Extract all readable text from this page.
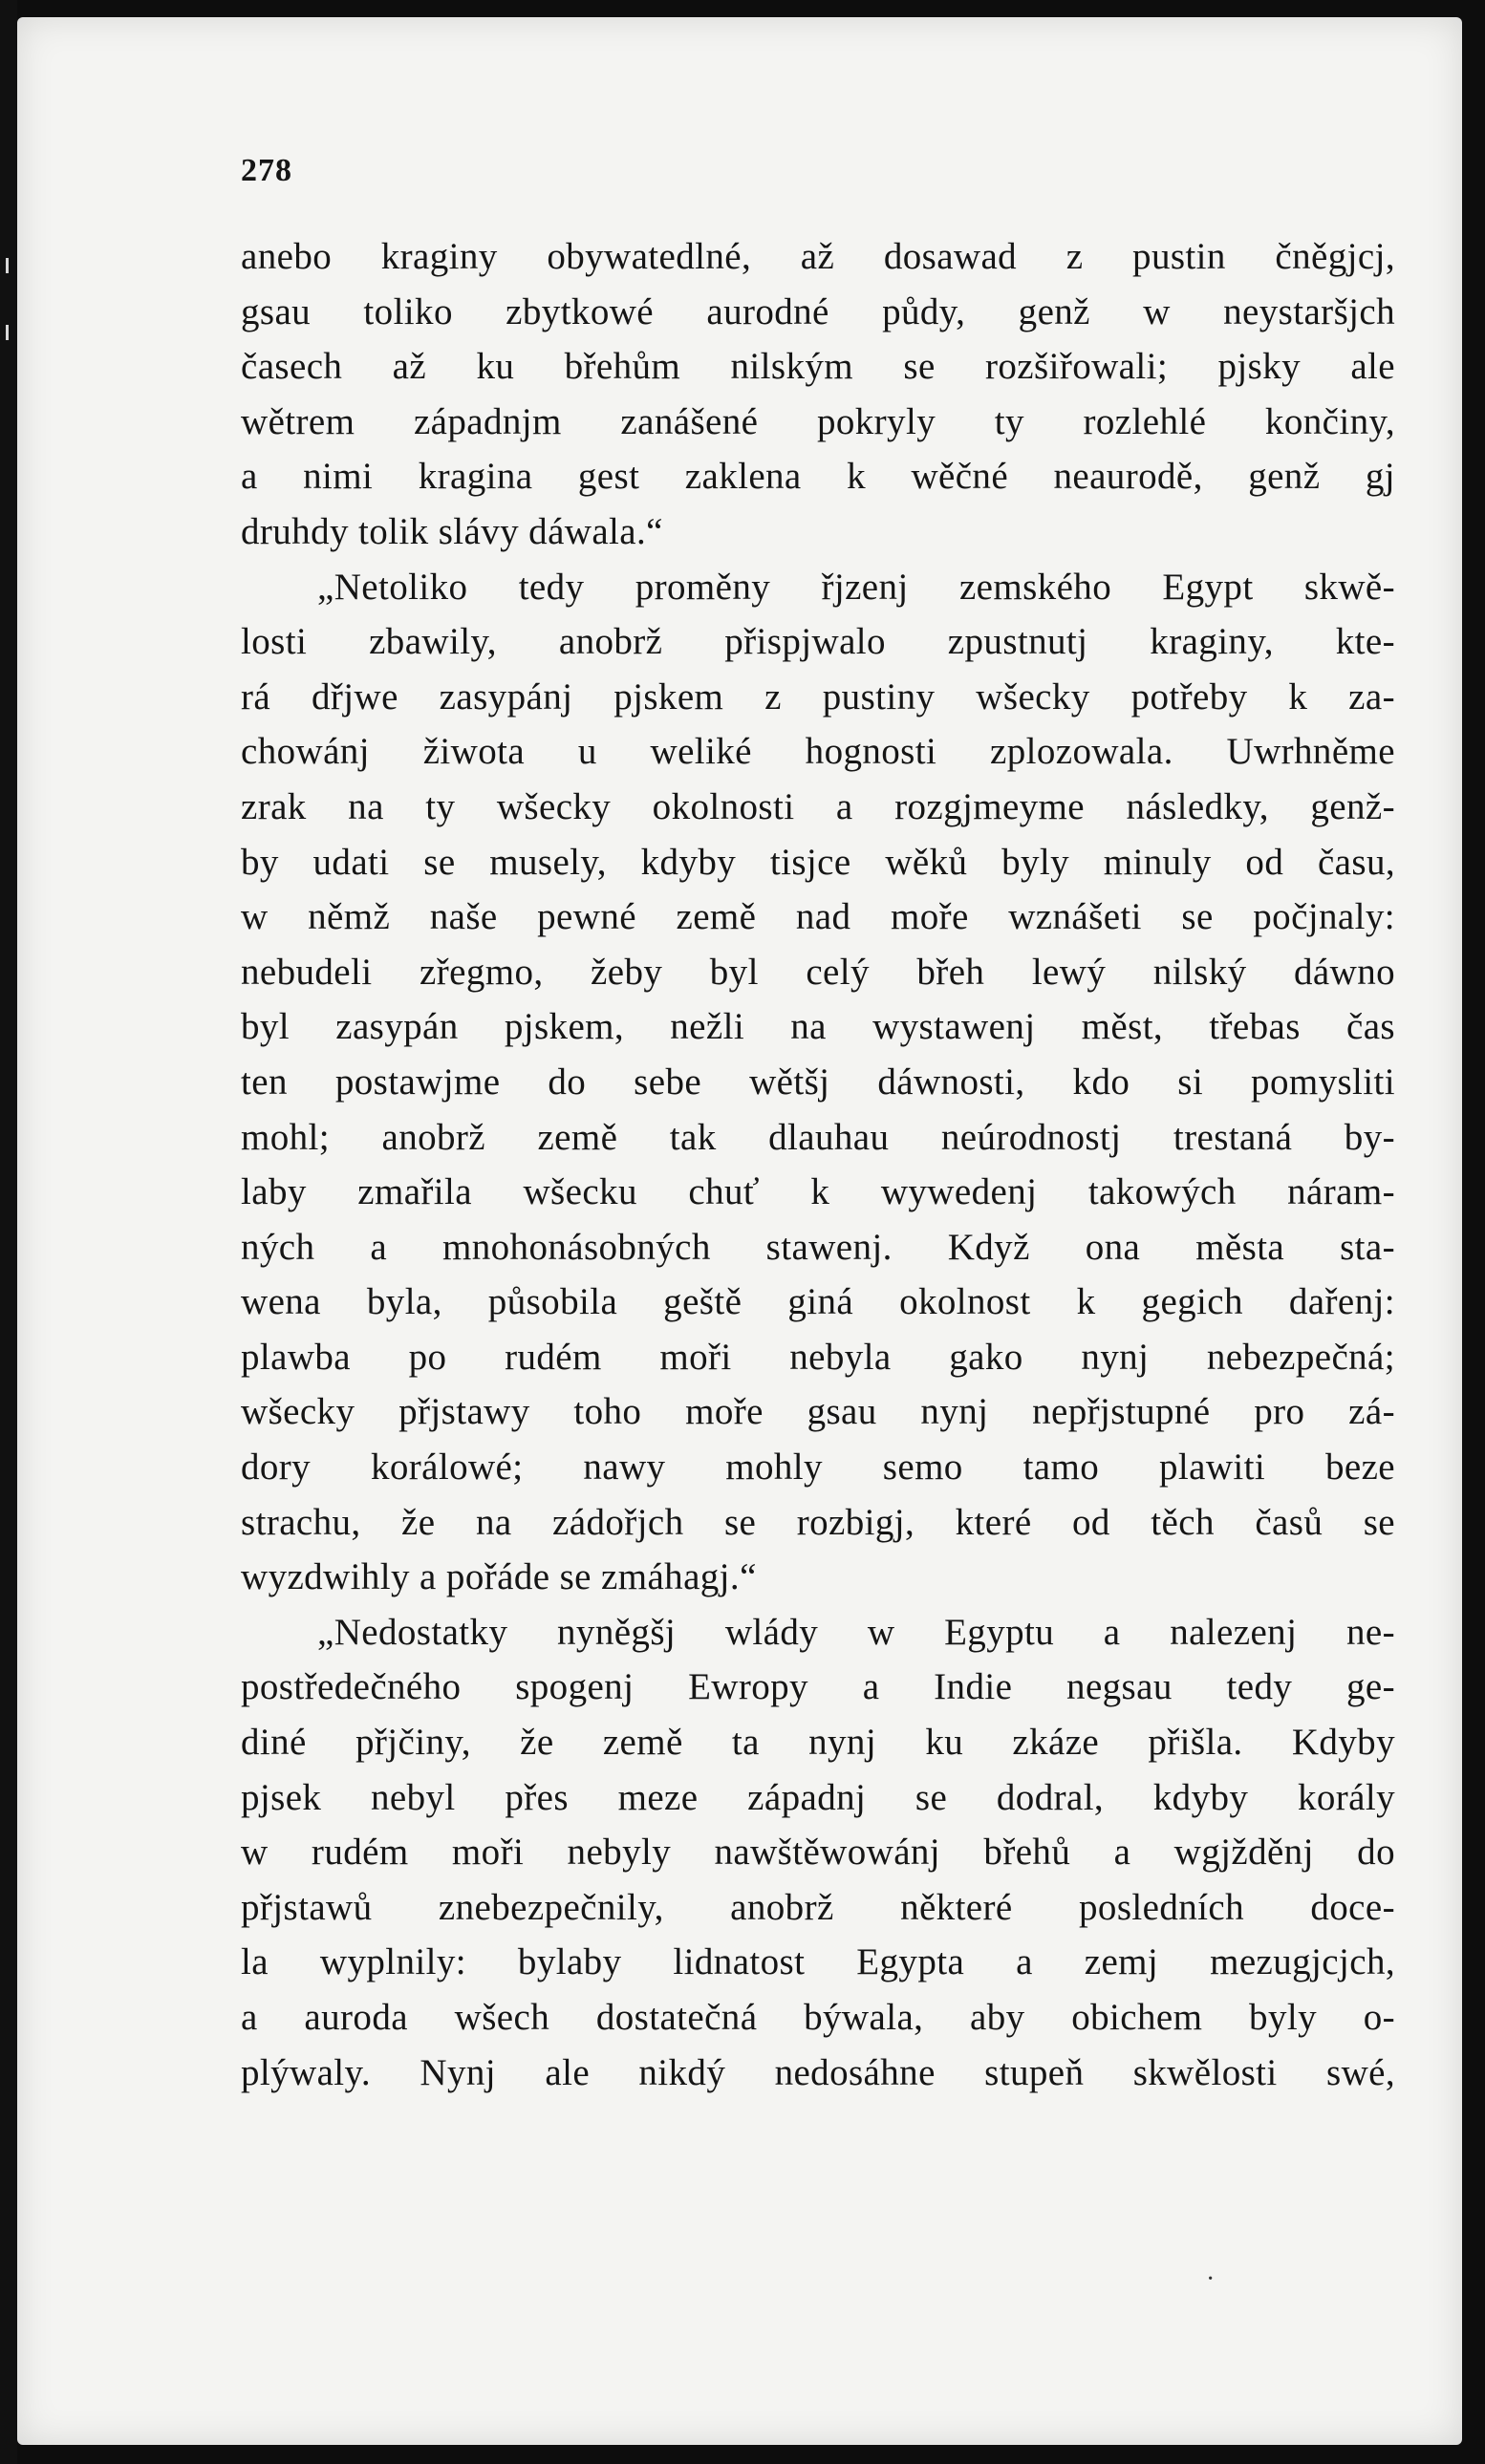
278
anebo kraginy obywatedlné, až dosawad z pustin čněgjcj,
gsau toliko zbytkowé aurodné půdy, genž w neystaršjch
časech až ku břehům nilským se rozšiřowali; pjsky ale
wětrem západnjm zanášené pokryly ty rozlehlé končiny,
a nimi kragina gest zaklena k wěčné neaurodě, genž gj
druhdy tolik slávy dáwala.“
„Netoliko tedy proměny řjzenj zemského Egypt skwě-
losti zbawily, anobrž přispjwalo zpustnutj kraginy, kte-
rá dřjwe zasypánj pjskem z pustiny wšecky potřeby k za-
chowánj žiwota u weliké hognosti zplozowala. Uwrhněme
zrak na ty wšecky okolnosti a rozgjmeyme následky, genž-
by udati se musely, kdyby tisjce wěků byly minuly od času,
w němž naše pewné země nad moře wznášeti se počjnaly:
nebudeli zřegmo, žeby byl celý břeh lewý nilský dáwno
byl zasypán pjskem, nežli na wystawenj měst, třebas čas
ten postawjme do sebe wětšj dáwnosti, kdo si pomysliti
mohl; anobrž země tak dlauhau neúrodnostj trestaná by-
laby zmařila wšecku chuť k wywedenj takowých náram-
ných a mnohonásobných stawenj. Když ona města sta-
wena byla, působila geště giná okolnost k gegich dařenj:
plawba po rudém moři nebyla gako nynj nebezpečná;
wšecky přjstawy toho moře gsau nynj nepřjstupné pro zá-
dory korálowé; nawy mohly semo tamo plawiti beze
strachu, že na zádořjch se rozbigj, které od těch časů se
wyzdwihly a pořáde se zmáhagj.“
„Nedostatky nyněgšj wlády w Egyptu a nalezenj ne-
postředečného spogenj Ewropy a Indie negsau tedy ge-
diné přjčiny, že země ta nynj ku zkáze přišla. Kdyby
pjsek nebyl přes meze západnj se dodral, kdyby korály
w rudém moři nebyly nawštěwowánj břehů a wgjžděnj do
přjstawů znebezpečnily, anobrž některé posledních doce-
la wyplnily: bylaby lidnatost Egypta a zemj mezugjcjch,
a auroda wšech dostatečná býwala, aby obichem byly o-
plýwaly. Nynj ale nikdý nedosáhne stupeň skwělosti swé,
·
